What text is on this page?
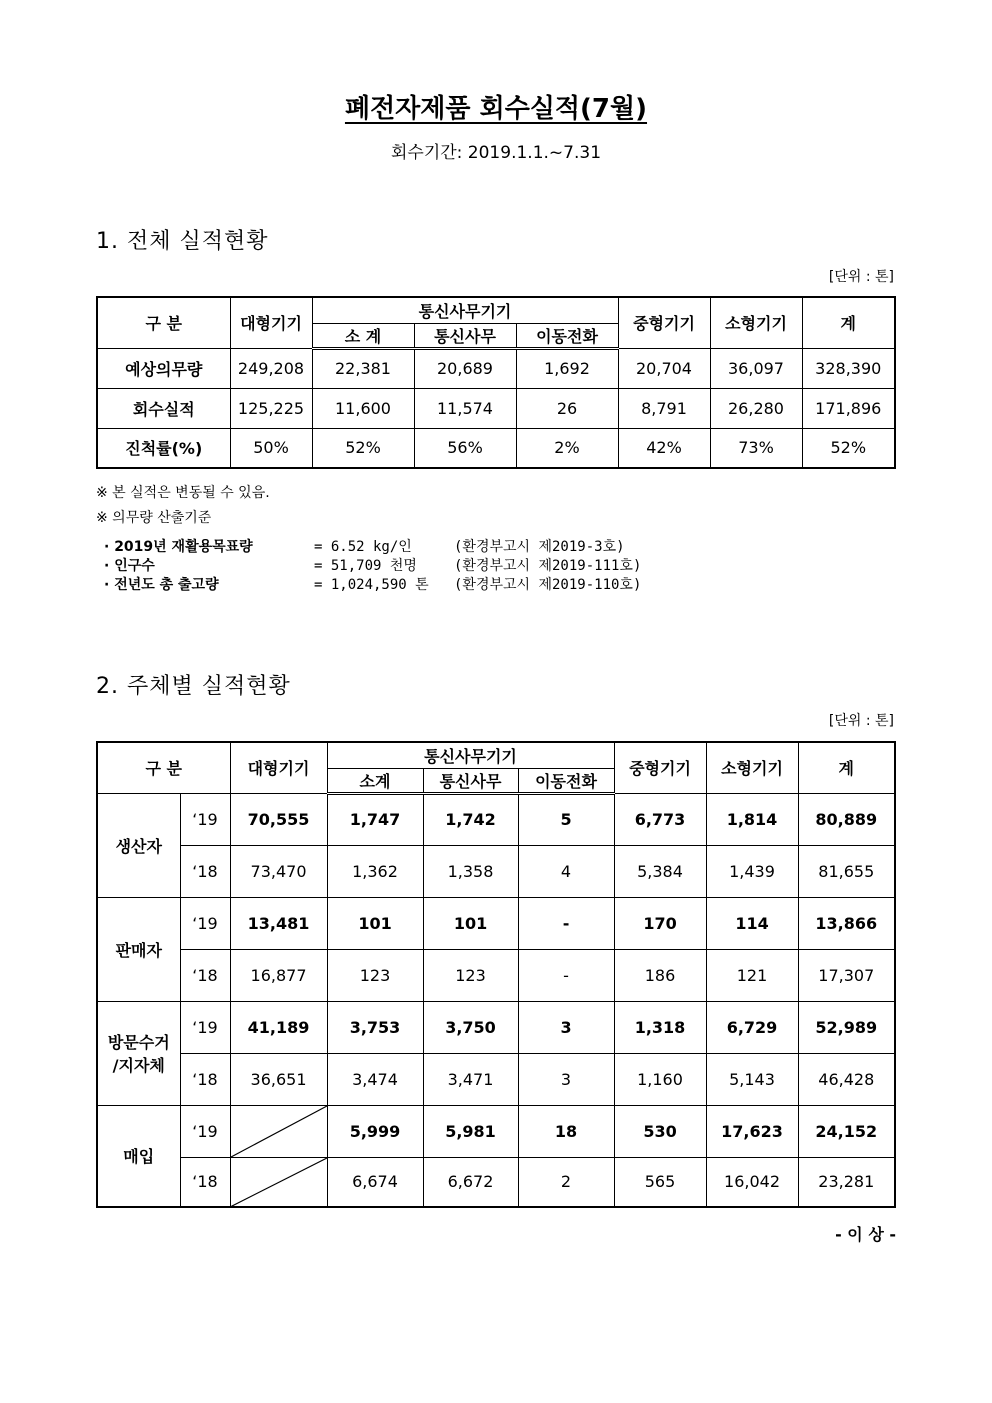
폐전자제품 회수실적(7월)
회수기간: 2019.1.1.~7.31
1. 전체 실적현황
[단위 : 톤]
구 분	대형기기	통신사무기기			중형기기	소형기기	계
		소 계	통신사무	이동전화			
예상의무량	249,208	22,381	20,689	1,692	20,704	36,097	328,390
회수실적	125,225	11,600	11,574	26	8,791	26,280	171,896
진척률(%)	50%	52%	56%	2%	42%	73%	52%
※ 본 실적은 변동될 수 있음.
※ 의무량 산출기준
· 2019년 재활용목표량	= 6.52 kg/인	(환경부고시 제2019-3호)
· 인구수	= 51,709 천명	(환경부고시 제2019-111호)
· 전년도 총 출고량	= 1,024,590 톤	(환경부고시 제2019-110호)
2. 주체별 실적현황
[단위 : 톤]
구 분		대형기기	통신사무기기			중형기기	소형기기	계
			소계	통신사무	이동전화			
생산자	‘19	70,555	1,747	1,742	5	6,773	1,814	80,889
	‘18	73,470	1,362	1,358	4	5,384	1,439	81,655
판매자	‘19	13,481	101	101	-	170	114	13,866
	‘18	16,877	123	123	-	186	121	17,307

방문수거
/지자체	‘19	41,189	3,753	3,750	3	1,318	6,729	52,989
	‘18	36,651	3,474	3,471	3	1,160	5,143	46,428
매입	‘19		5,999	5,981	18	530	17,623	24,152
	‘18		6,674	6,672	2	565	16,042	23,281
- 이 상 -
